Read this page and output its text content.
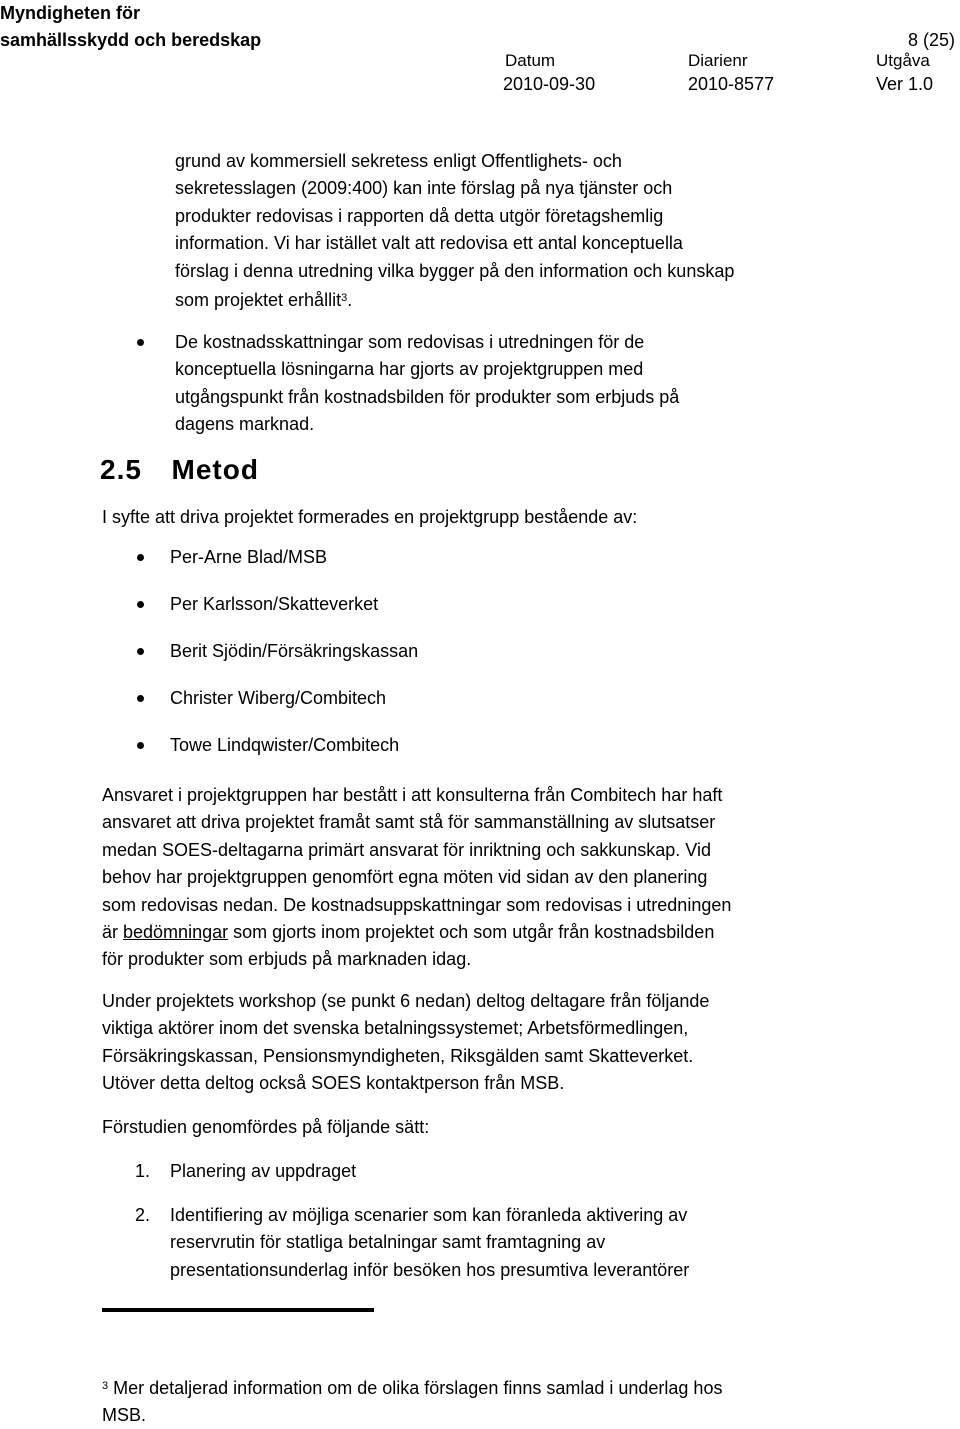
Myndigheten för
samhällsskydd och beredskap	8 (25)
Datum
2010-09-30
Diarienr
2010-8577
Utgåva
Ver 1.0
grund av kommersiell sekretess enligt Offentlighets- och
sekretesslagen (2009:400) kan inte förslag på nya tjänster och
produkter redovisas i rapporten då detta utgör företagshemlig
information. Vi har istället valt att redovisa ett antal konceptuella
förslag i denna utredning vilka bygger på den information och kunskap
som projektet erhållit$^3$.
De kostnadsskattningar som redovisas i utredningen för de
konceptuella lösningarna har gjorts av projektgruppen med
utgångspunkt från kostnadsbilden för produkter som erbjuds på
dagens marknad.
2.5 Metod
I syfte att driva projektet formerades en projektgrupp bestående av:
Per-Arne Blad/MSB
Per Karlsson/Skatteverket
Berit Sjödin/Försäkringskassan
Christer Wiberg/Combitech
Towe Lindqwister/Combitech
Ansvaret i projektgruppen har bestått i att konsulterna från Combitech har haft
ansvaret att driva projektet framåt samt stå för sammanställning av slutsatser
medan SOES-deltagarna primärt ansvarat för inriktning och sakkunskap. Vid
behov har projektgruppen genomfört egna möten vid sidan av den planering
som redovisas nedan. De kostnadsuppskattningar som redovisas i utredningen
är bedömningar som gjorts inom projektet och som utgår från kostnadsbilden
för produkter som erbjuds på marknaden idag.
Under projektets workshop (se punkt 6 nedan) deltog deltagare från följande
viktiga aktörer inom det svenska betalningssystemet; Arbetsförmedlingen,
Försäkringskassan, Pensionsmyndigheten, Riksgälden samt Skatteverket.
Utöver detta deltog också SOES kontaktperson från MSB.
Förstudien genomfördes på följande sätt:
1. Planering av uppdraget
2. Identifiering av möjliga scenarier som kan föranleda aktivering av
reservrutin för statliga betalningar samt framtagning av
presentationsunderlag inför besöken hos presumtiva leverantörer
$^3$ Mer detaljerad information om de olika förslagen finns samlad i underlag hos
MSB.
